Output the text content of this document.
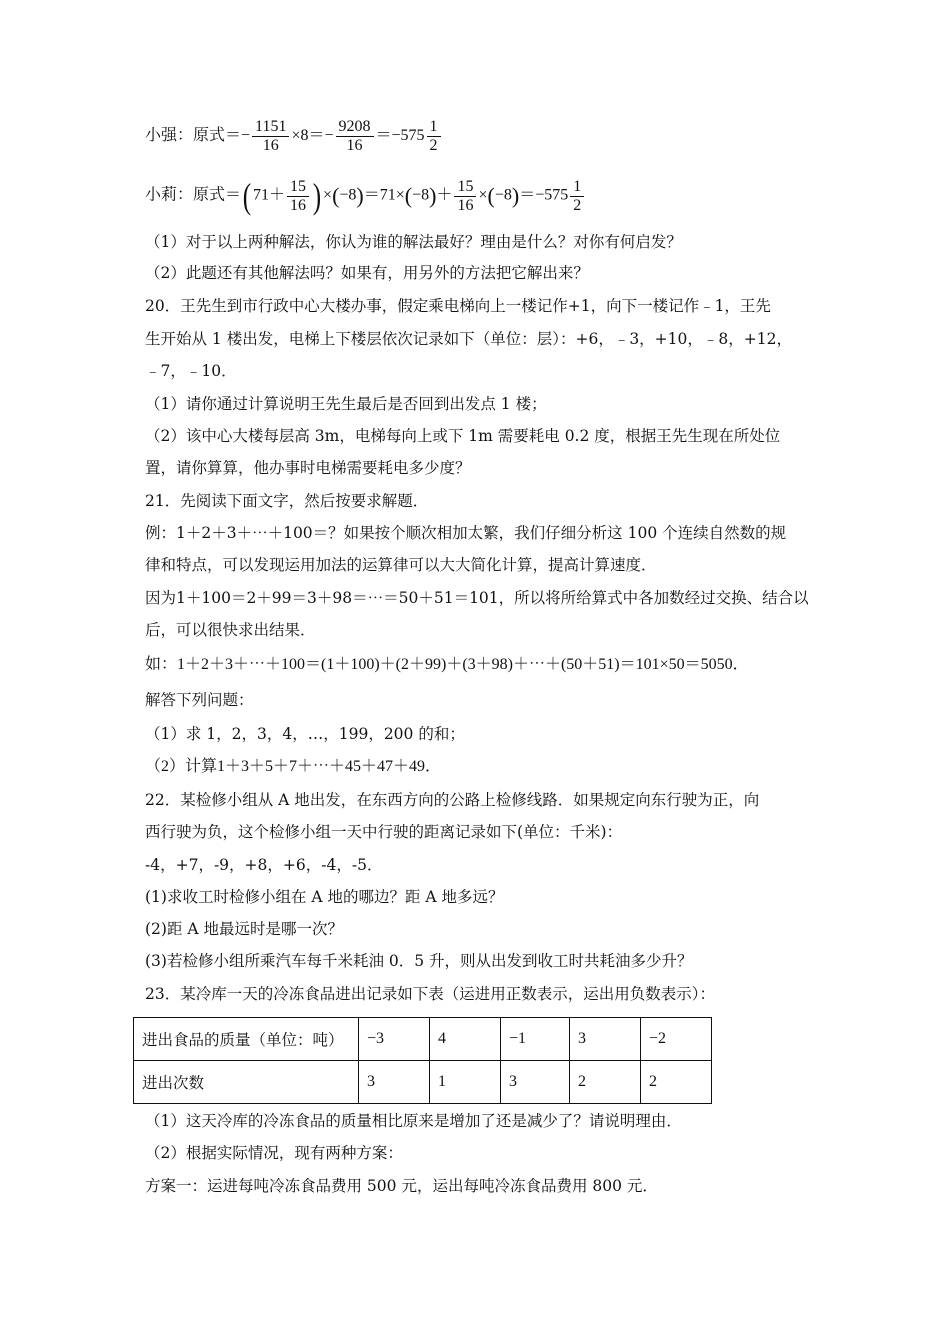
小强：原式＝− $\frac{1151}{16} \times 8=- \frac{9208}{16} =-575 \frac{1}{2}$
小莉：原式＝( $71+ \frac{15}{16}$ ) $\times(-8)=71\times(-8)+ \frac{15}{16} \times(-8)=-575 \frac{1}{2}$
（1）对于以上两种解法，你认为谁的解法最好？理由是什么？对你有何启发？
（2）此题还有其他解法吗？如果有，用另外的方法把它解出来？
20．王先生到市行政中心大楼办事，假定乘电梯向上一楼记作+1，向下一楼记作﹣1，王先
生开始从 1 楼出发，电梯上下楼层依次记录如下（单位：层）：+6，﹣3，+10，﹣8，+12，
﹣7，﹣10．
（1）请你通过计算说明王先生最后是否回到出发点 1 楼；
（2）该中心大楼每层高 3m，电梯每向上或下 1m 需要耗电 0.2 度，根据王先生现在所处位
置，请你算算，他办事时电梯需要耗电多少度？
21．先阅读下面文字，然后按要求解题．
例：1＋2＋3＋⋯＋100＝？如果按个顺次相加太繁，我们仔细分析这 100 个连续自然数的规
律和特点，可以发现运用加法的运算律可以大大简化计算，提高计算速度．
因为1＋100＝2＋99＝3＋98＝⋯＝50＋51＝101，所以将所给算式中各加数经过交换、结合以
后，可以很快求出结果．
如：1＋2＋3＋⋯＋100＝(1＋100)＋(2＋99)＋(3＋98)＋⋯＋(50＋51)＝101×50＝5050．
解答下列问题：
（1）求 1，2，3，4，…，199，200 的和；
（2）计算1＋3＋5＋7＋⋯＋45＋47＋49．
22．某检修小组从 A 地出发，在东西方向的公路上检修线路．如果规定向东行驶为正，向
西行驶为负，这个检修小组一天中行驶的距离记录如下(单位：千米)：
-4，+7，-9，+8，+6，-4，-5．
(1)求收工时检修小组在 A 地的哪边？距 A 地多远？
(2)距 A 地最远时是哪一次？
(3)若检修小组所乘汽车每千米耗油 0．5 升，则从出发到收工时共耗油多少升？
23．某冷库一天的冷冻食品进出记录如下表（运进用正数表示，运出用负数表示）：
进出食品的质量（单位：吨）	−3	4	−1	3	−2
进出次数	3	1	3	2	2
（1）这天冷库的冷冻食品的质量相比原来是增加了还是减少了？请说明理由．
（2）根据实际情况，现有两种方案：
方案一：运进每吨冷冻食品费用 500 元，运出每吨冷冻食品费用 800 元．
